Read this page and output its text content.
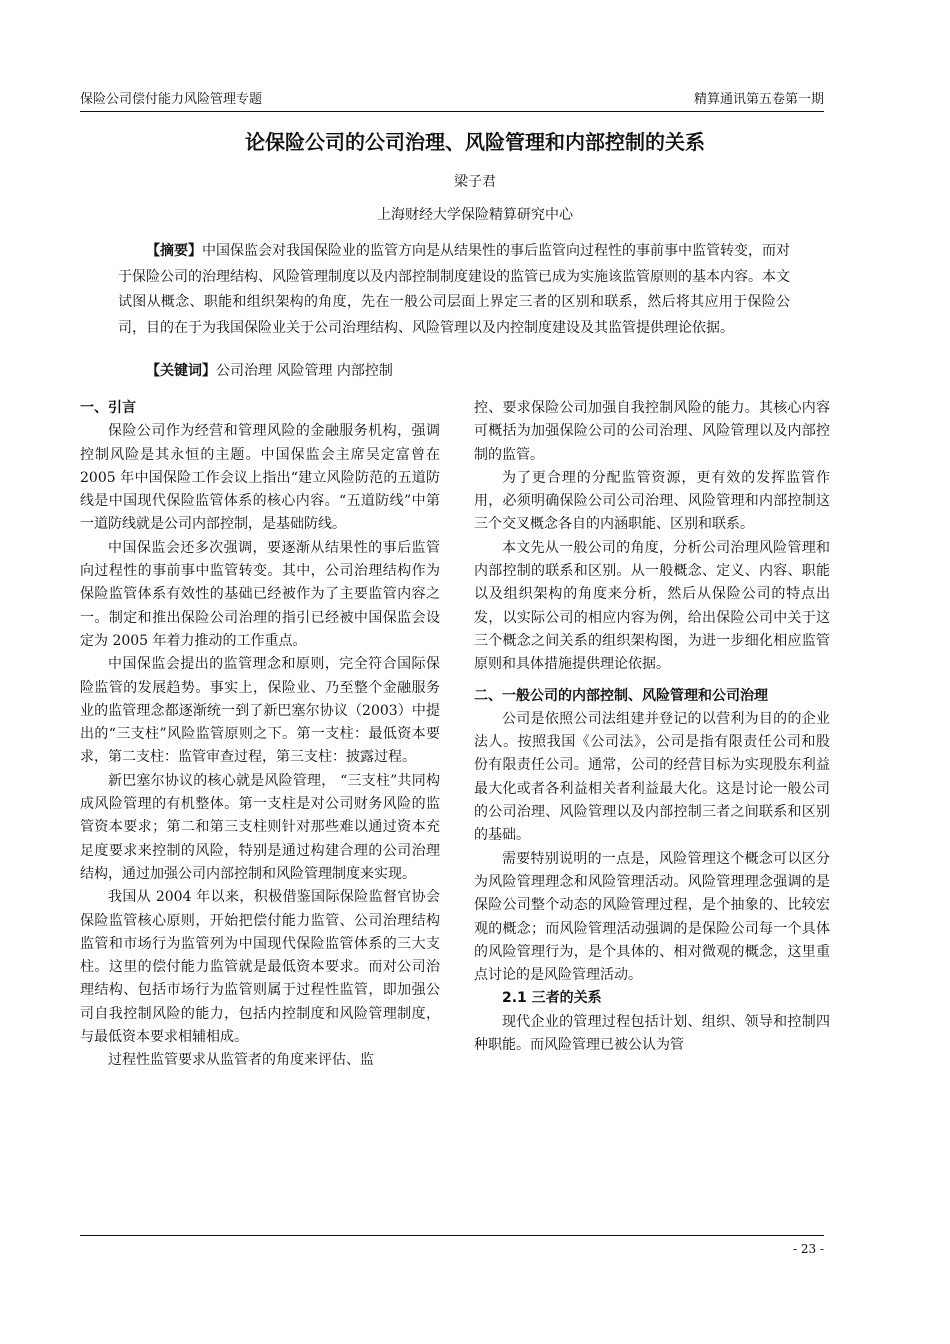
保险公司偿付能力风险管理专题	精算通讯第五卷第一期
论保险公司的公司治理、风险管理和内部控制的关系
梁子君
上海财经大学保险精算研究中心

【摘要】中国保监会对我国保险业的监管方向是从结果性的事后监管向过程性的事前事中监管转变，而对于保险公司的治理结构、风险管理制度以及内部控制制度建设的监管已成为实施该监管原则的基本内容。本文试图从概念、职能和组织架构的角度，先在一般公司层面上界定三者的区别和联系，然后将其应用于保险公司，目的在于为我国保险业关于公司治理结构、风险管理以及内控制度建设及其监管提供理论依据。

【关键词】公司治理 风险管理 内部控制

一、引言

保险公司作为经营和管理风险的金融服务机构，强调控制风险是其永恒的主题。中国保监会主席吴定富曾在 2005 年中国保险工作会议上指出“建立风险防范的五道防线是中国现代保险监管体系的核心内容。“五道防线”中第一道防线就是公司内部控制，是基础防线。

中国保监会还多次强调，要逐渐从结果性的事后监管向过程性的事前事中监管转变。其中，公司治理结构作为保险监管体系有效性的基础已经被作为了主要监管内容之一。制定和推出保险公司治理的指引已经被中国保监会设定为 2005 年着力推动的工作重点。

中国保监会提出的监管理念和原则，完全符合国际保险监管的发展趋势。事实上，保险业、乃至整个金融服务业的监管理念都逐渐统一到了新巴塞尔协议（2003）中提出的“三支柱”风险监管原则之下。第一支柱：最低资本要求，第二支柱：监管审查过程，第三支柱：披露过程。

新巴塞尔协议的核心就是风险管理， “三支柱”共同构成风险管理的有机整体。第一支柱是对公司财务风险的监管资本要求；第二和第三支柱则针对那些难以通过资本充足度要求来控制的风险，特别是通过构建合理的公司治理结构，通过加强公司内部控制和风险管理制度来实现。

我国从 2004 年以来，积极借鉴国际保险监督官协会保险监管核心原则，开始把偿付能力监管、公司治理结构监管和市场行为监管列为中国现代保险监管体系的三大支柱。这里的偿付能力监管就是最低资本要求。而对公司治理结构、包括市场行为监管则属于过程性监管，即加强公司自我控制风险的能力，包括内控制度和风险管理制度，与最低资本要求相辅相成。

过程性监管要求从监管者的角度来评估、监

控、要求保险公司加强自我控制风险的能力。其核心内容可概括为加强保险公司的公司治理、风险管理以及内部控制的监管。

为了更合理的分配监管资源，更有效的发挥监管作用，必须明确保险公司公司治理、风险管理和内部控制这三个交叉概念各自的内涵职能、区别和联系。

本文先从一般公司的角度，分析公司治理风险管理和内部控制的联系和区别。从一般概念、定义、内容、职能以及组织架构的角度来分析，然后从保险公司的特点出发，以实际公司的相应内容为例，给出保险公司中关于这三个概念之间关系的组织架构图，为进一步细化相应监管原则和具体措施提供理论依据。

二、一般公司的内部控制、风险管理和公司治理

公司是依照公司法组建并登记的以营利为目的的企业法人。按照我国《公司法》，公司是指有限责任公司和股份有限责任公司。通常，公司的经营目标为实现股东利益最大化或者各利益相关者利益最大化。这是讨论一般公司的公司治理、风险管理以及内部控制三者之间联系和区别的基础。

需要特别说明的一点是，风险管理这个概念可以区分为风险管理理念和风险管理活动。风险管理理念强调的是保险公司整个动态的风险管理过程，是个抽象的、比较宏观的概念；而风险管理活动强调的是保险公司每一个具体的风险管理行为，是个具体的、相对微观的概念，这里重点讨论的是风险管理活动。

2.1 三者的关系

现代企业的管理过程包括计划、组织、领导和控制四种职能。而风险管理已被公认为管

- 23 -
